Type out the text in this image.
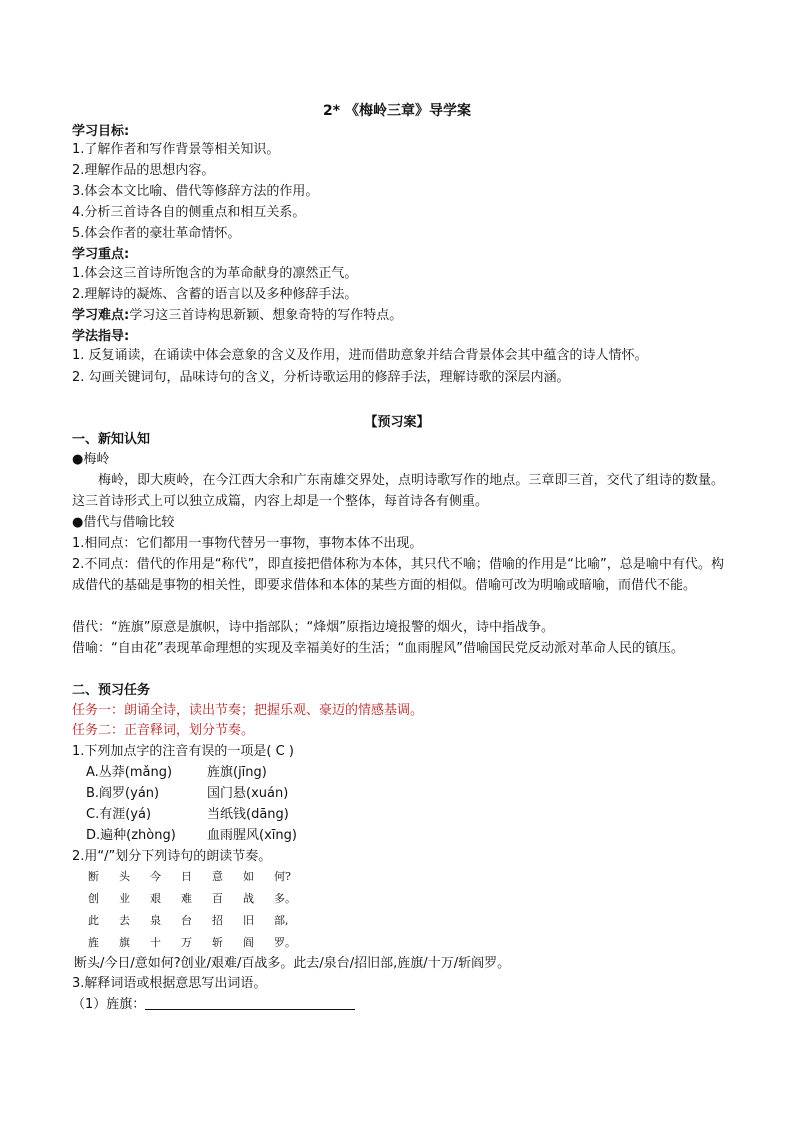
2* 《梅岭三章》导学案
学习目标:
1.了解作者和写作背景等相关知识。
2.理解作品的思想内容。
3.体会本文比喻、借代等修辞方法的作用。
4.分析三首诗各自的侧重点和相互关系。
5.体会作者的豪壮革命情怀。
学习重点:
1.体会这三首诗所饱含的为革命献身的凛然正气。
2.理解诗的凝炼、含蓄的语言以及多种修辞手法。
学习难点:学习这三首诗构思新颖、想象奇特的写作特点。
学法指导:
1. 反复诵读，在诵读中体会意象的含义及作用，进而借助意象并结合背景体会其中蕴含的诗人情怀。
2. 勾画关键词句，品味诗句的含义，分析诗歌运用的修辞手法，理解诗歌的深层内涵。
【预习案】
一、新知认知
●梅岭
梅岭，即大庾岭，在今江西大余和广东南雄交界处，点明诗歌写作的地点。三章即三首，交代了组诗的数量。这三首诗形式上可以独立成篇，内容上却是一个整体，每首诗各有侧重。
●借代与借喻比较
1.相同点：它们都用一事物代替另一事物，事物本体不出现。
2.不同点：借代的作用是“称代”，即直接把借体称为本体，其只代不喻；借喻的作用是“比喻”，总是喻中有代。构成借代的基础是事物的相关性，即要求借体和本体的某些方面的相似。借喻可改为明喻或暗喻，而借代不能。
借代：“旌旗”原意是旗帜，诗中指部队；“烽烟”原指边境报警的烟火，诗中指战争。
借喻：“自由花”表现革命理想的实现及幸福美好的生活；“血雨腥风”借喻国民党反动派对革命人民的镇压。
二、预习任务
任务一：朗诵全诗，读出节奏；把握乐观、豪迈的情感基调。
任务二：正音释词，划分节奏。
1.下列加点字的注音有误的一项是( C )
A.丛莽(mǎng)	旌旗(jīng)
B.阎罗(yán)	国门悬(xuán)
C.有涯(yá)	当纸钱(dāng)
D.遍种(zhòng) 血雨腥风(xīng)
2.用“/”划分下列诗句的朗读节奏。
断 头 今 日 意 如 何?
创 业 艰 难 百 战 多。
此 去 泉 台 招 旧 部,
旌 旗 十 万 斩 阎 罗。
断头/今日/意如何?创业/艰难/百战多。此去/泉台/招旧部,旌旗/十万/斩阎罗。
3.解释词语或根据意思写出词语。
（1）旌旗：
